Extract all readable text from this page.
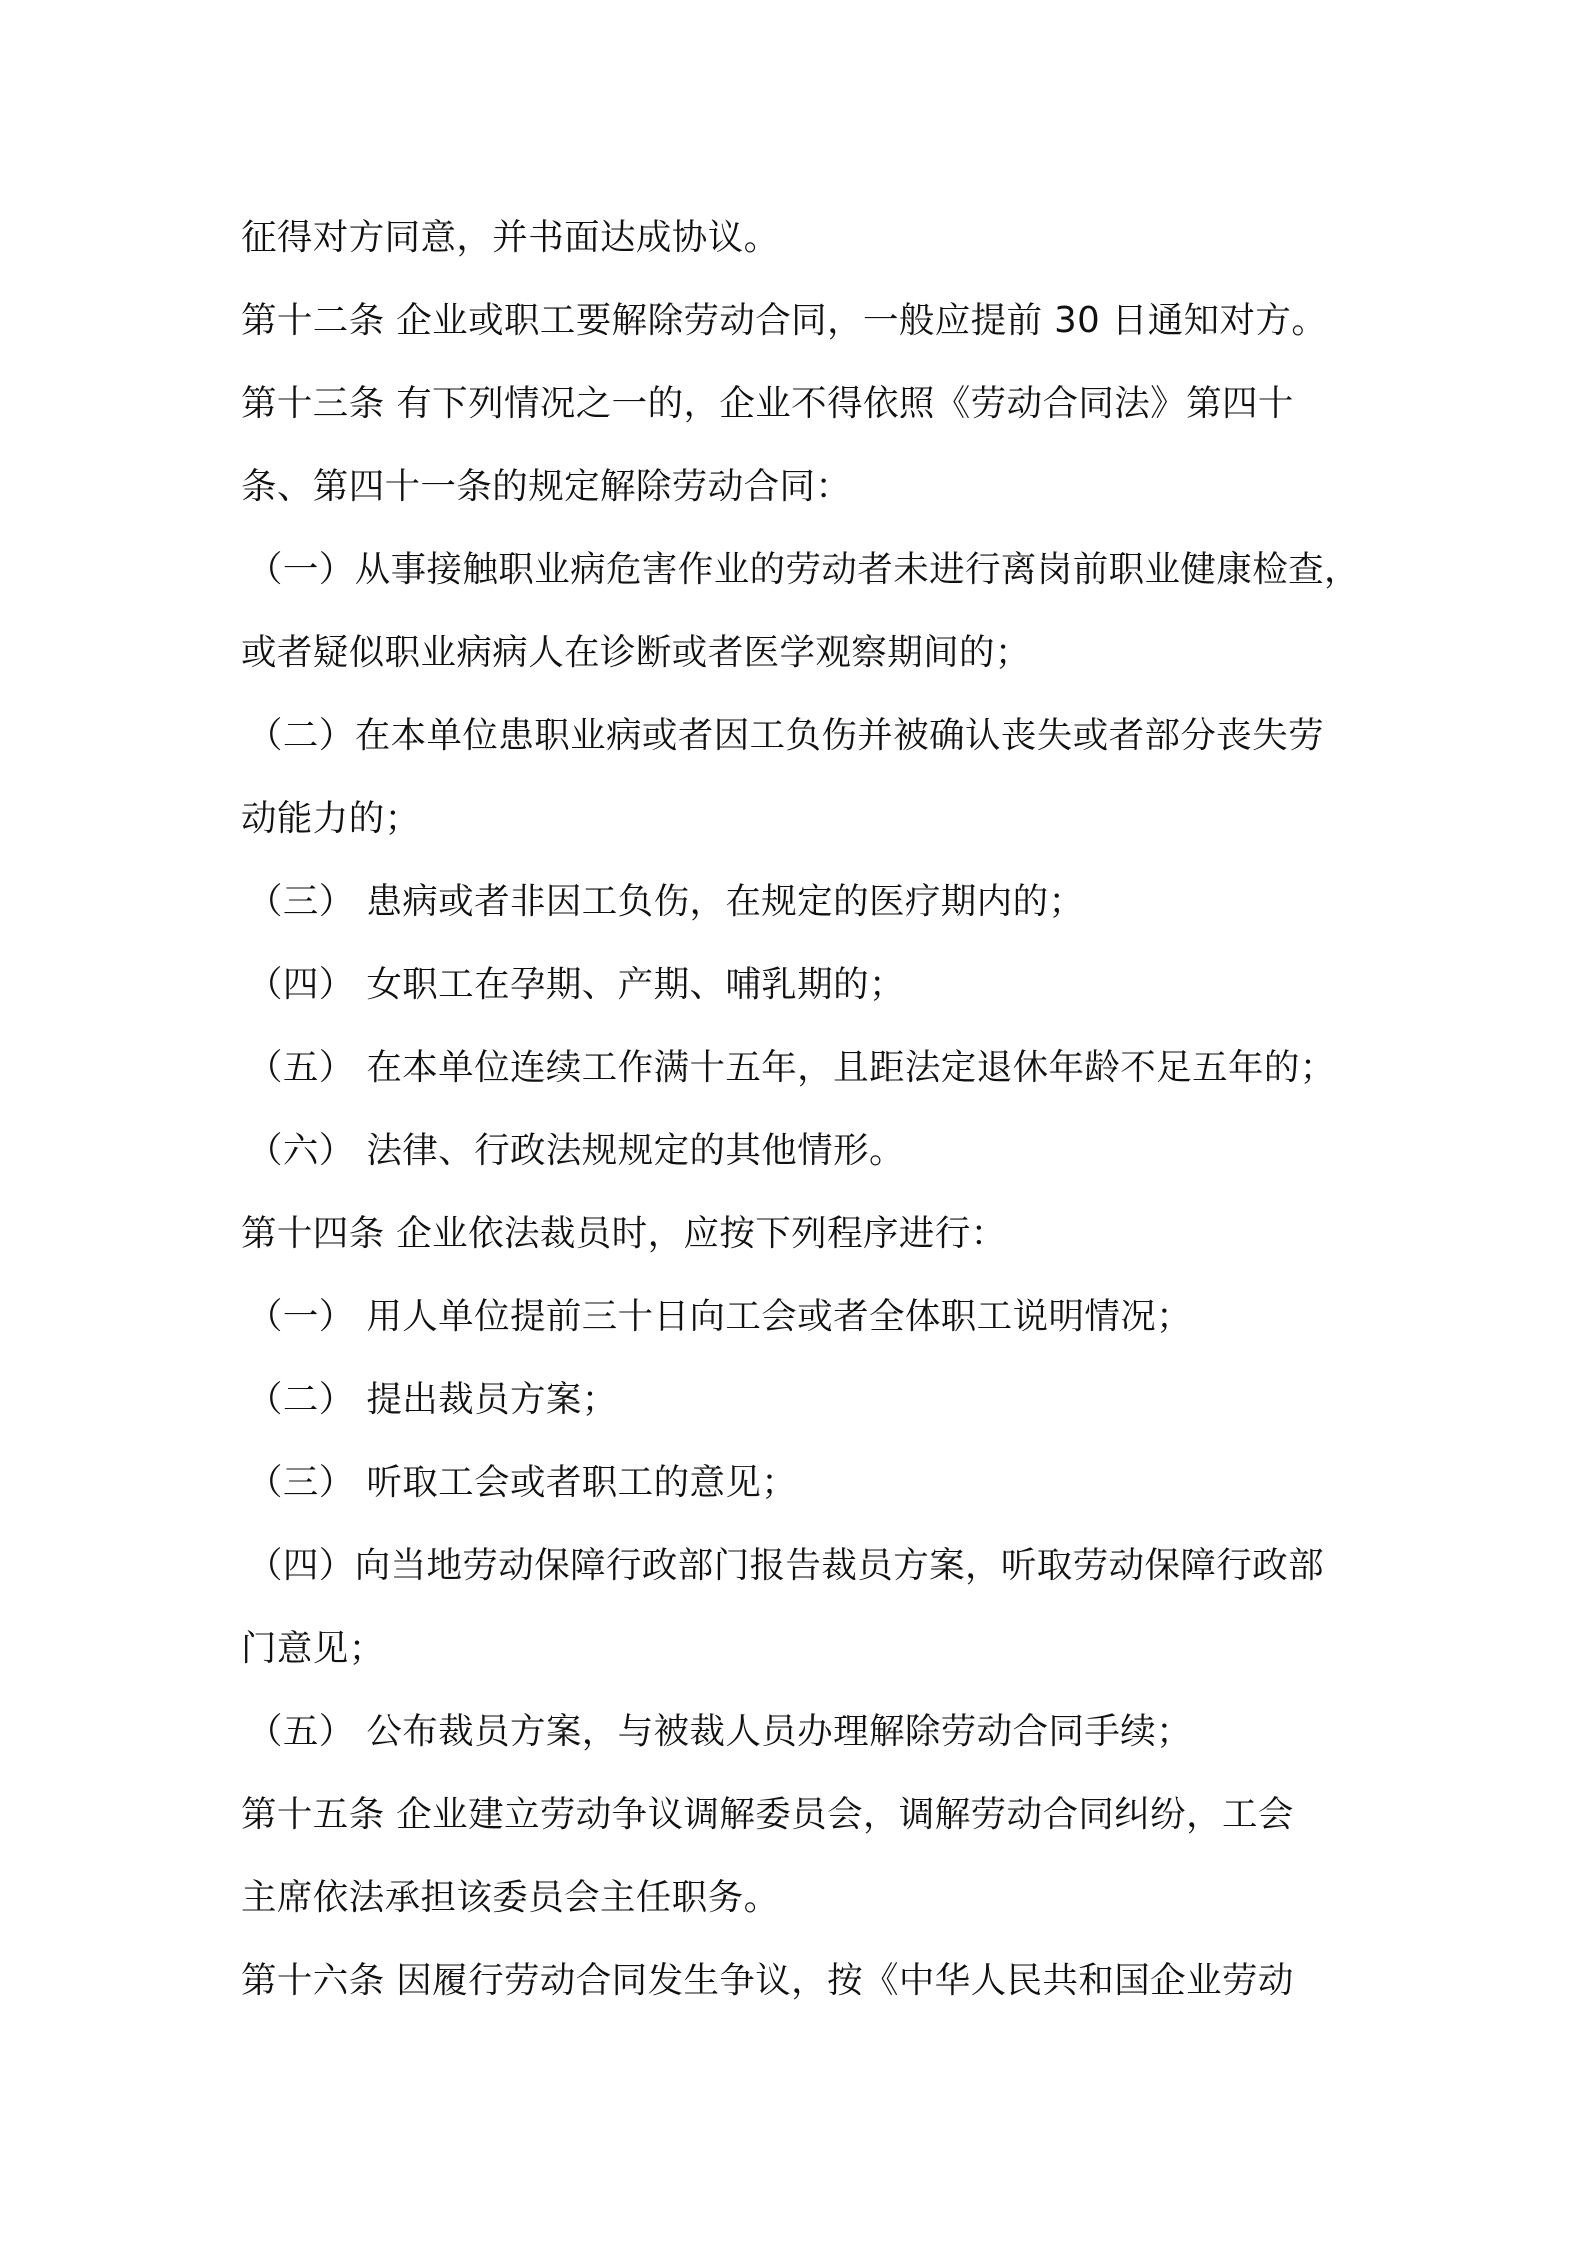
征得对方同意，并书面达成协议。
第十二条 企业或职工要解除劳动合同，一般应提前 30 日通知对方。
第十三条 有下列情况之一的，企业不得依照《劳动合同法》第四十
条、第四十一条的规定解除劳动合同：
（一）从事接触职业病危害作业的劳动者未进行离岗前职业健康检查，
或者疑似职业病病人在诊断或者医学观察期间的；
（二）在本单位患职业病或者因工负伤并被确认丧失或者部分丧失劳
动能力的；
（三） 患病或者非因工负伤，在规定的医疗期内的；
（四） 女职工在孕期、产期、哺乳期的；
（五） 在本单位连续工作满十五年，且距法定退休年龄不足五年的；
（六） 法律、行政法规规定的其他情形。
第十四条 企业依法裁员时，应按下列程序进行：
（一） 用人单位提前三十日向工会或者全体职工说明情况；
（二） 提出裁员方案；
（三） 听取工会或者职工的意见；
（四）向当地劳动保障行政部门报告裁员方案，听取劳动保障行政部
门意见；
（五） 公布裁员方案，与被裁人员办理解除劳动合同手续；
第十五条 企业建立劳动争议调解委员会，调解劳动合同纠纷，工会
主席依法承担该委员会主任职务。
第十六条 因履行劳动合同发生争议，按《中华人民共和国企业劳动
